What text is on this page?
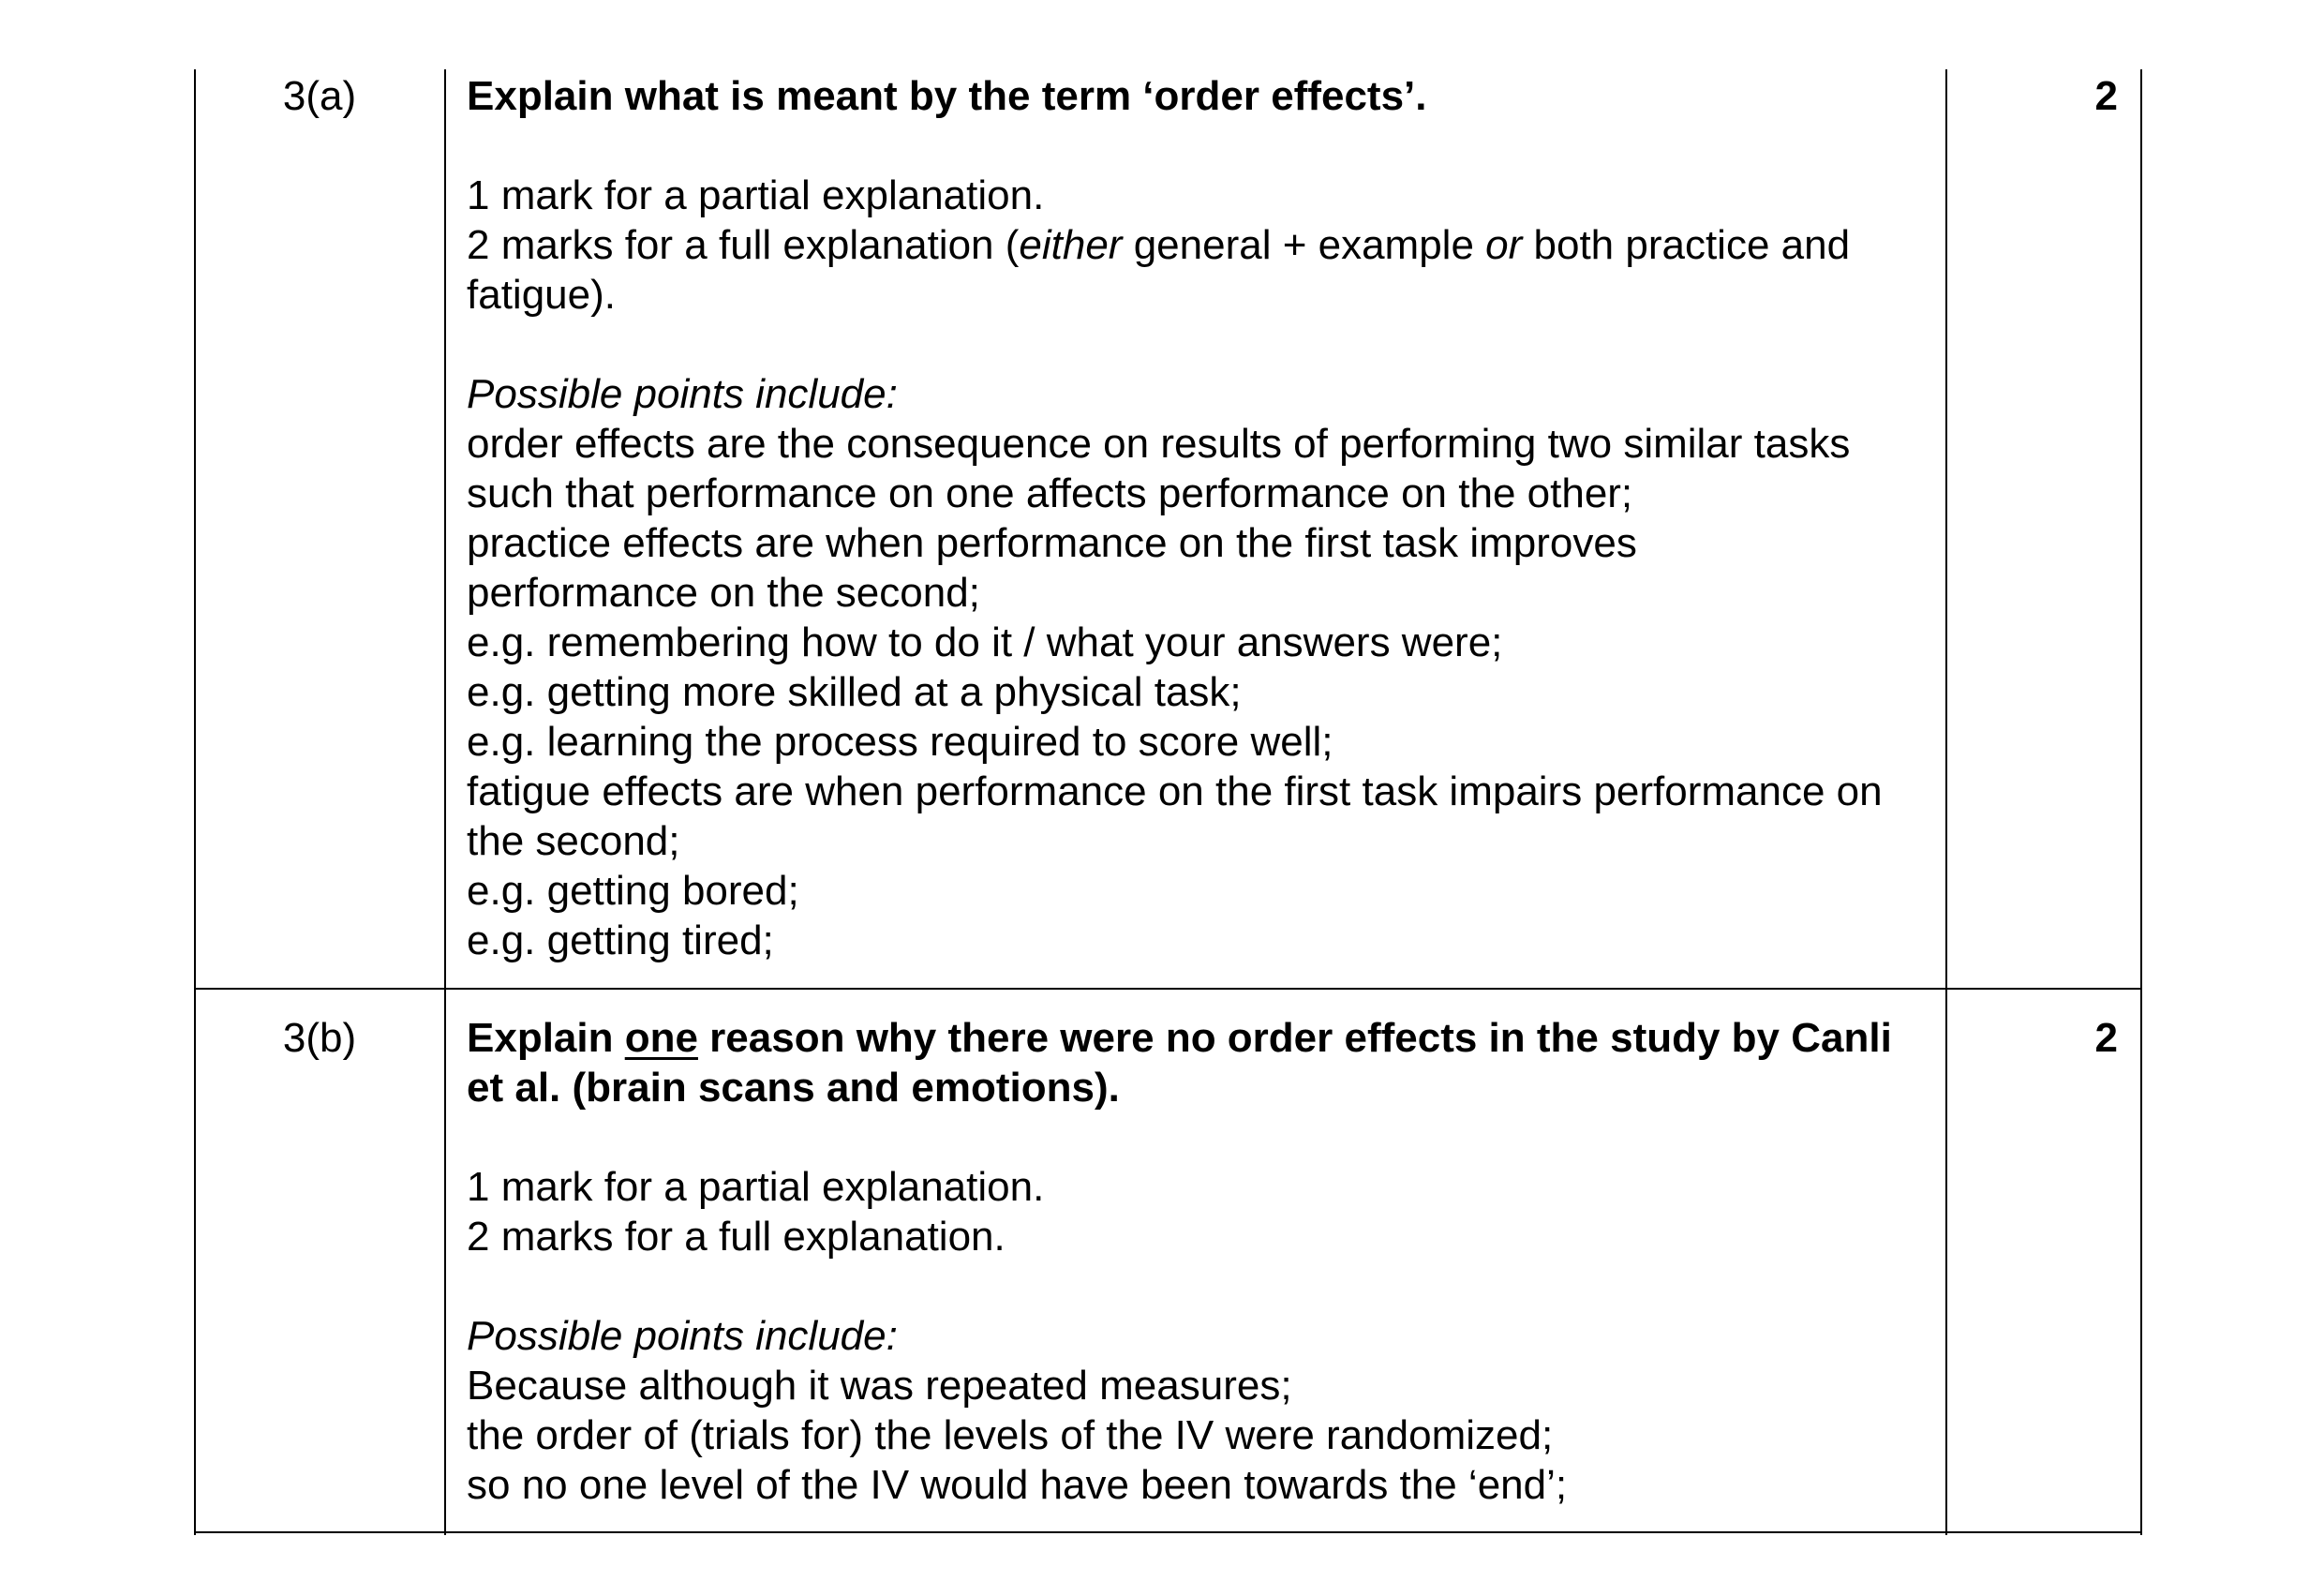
3(a)	2

Explain what is meant by the term ‘order effects’.

1 mark for a partial explanation.

2 marks for a full explanation (either general + example or both practice and fatigue).

Possible points include:

order effects are the consequence on results of performing two similar tasks such that performance on one affects performance on the other;

practice effects are when performance on the first task improves performance on the second;

e.g. remembering how to do it / what your answers were;

e.g. getting more skilled at a physical task;

e.g. learning the process required to score well;

fatigue effects are when performance on the first task impairs performance on the second;

e.g. getting bored;

e.g. getting tired;

3(b)	2

Explain one reason why there were no order effects in the study by Canli et al. (brain scans and emotions).

1 mark for a partial explanation.

2 marks for a full explanation.

Possible points include:

Because although it was repeated measures;

the order of (trials for) the levels of the IV were randomized;

so no one level of the IV would have been towards the ‘end’;
